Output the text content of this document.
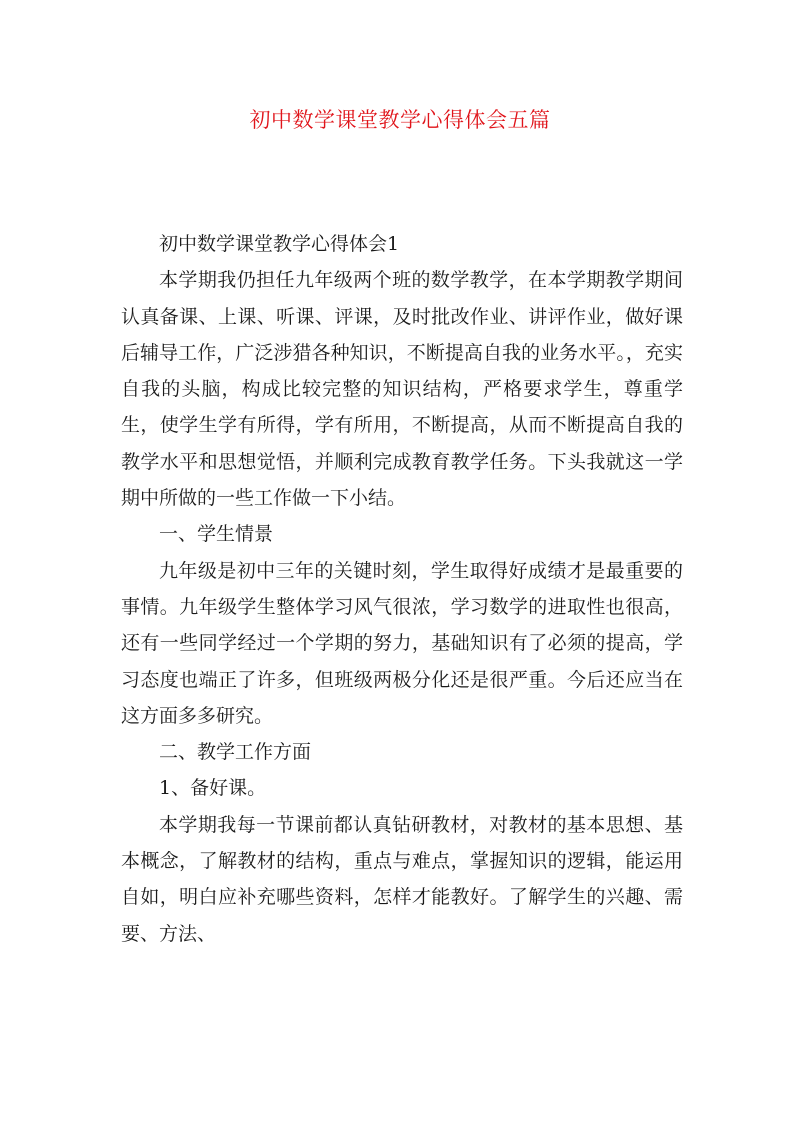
初中数学课堂教学心得体会五篇

初中数学课堂教学心得体会1

本学期我仍担任九年级两个班的数学教学，在本学期教学期间认真备课、上课、听课、评课，及时批改作业、讲评作业，做好课后辅导工作，广泛涉猎各种知识，不断提高自我的业务水平。，充实自我的头脑，构成比较完整的知识结构，严格要求学生，尊重学生，使学生学有所得，学有所用，不断提高，从而不断提高自我的教学水平和思想觉悟，并顺利完成教育教学任务。下头我就这一学期中所做的一些工作做一下小结。

一、学生情景

九年级是初中三年的关键时刻，学生取得好成绩才是最重要的事情。九年级学生整体学习风气很浓，学习数学的进取性也很高，还有一些同学经过一个学期的努力，基础知识有了必须的提高，学习态度也端正了许多，但班级两极分化还是很严重。今后还应当在这方面多多研究。

二、教学工作方面

1、备好课。

本学期我每一节课前都认真钻研教材，对教材的基本思想、基本概念，了解教材的结构，重点与难点，掌握知识的逻辑，能运用自如，明白应补充哪些资料，怎样才能教好。了解学生的兴趣、需要、方法、
